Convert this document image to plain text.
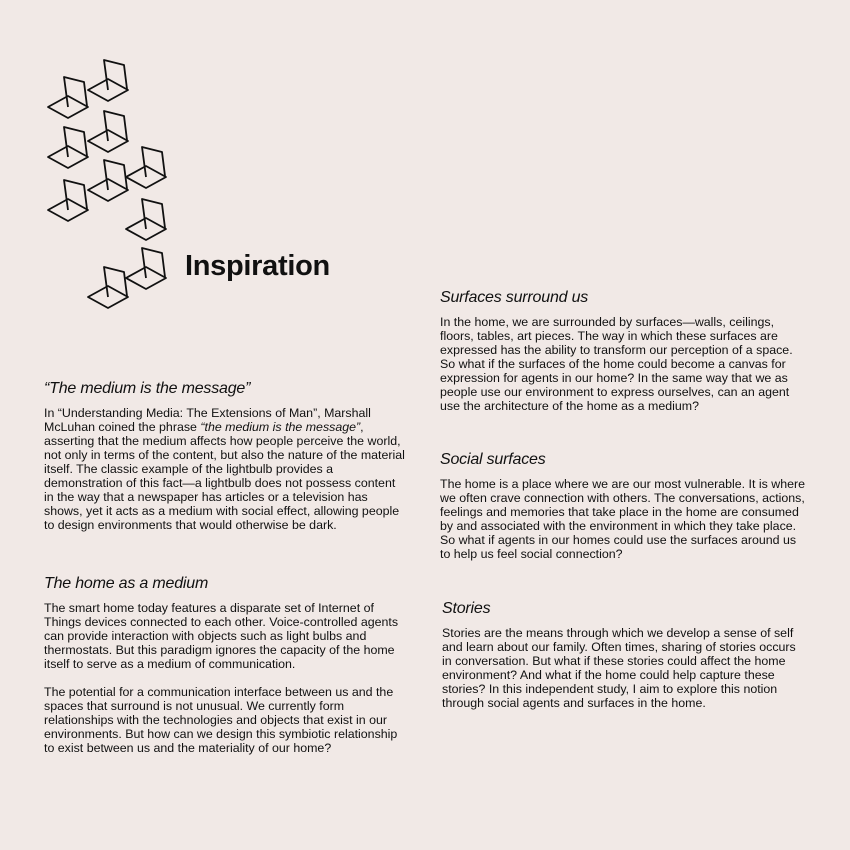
Inspiration
“The medium is the message”

In “Understanding Media: The Extensions of Man”, Marshall McLuhan coined the phrase “the medium is the message”, asserting that the medium affects how people perceive the world, not only in terms of the content, but also the nature of the material itself. The classic example of the lightbulb provides a demonstration of this fact—a lightbulb does not possess content in the way that a newspaper has articles or a television has shows, yet it acts as a medium with social effect, allowing people to design environments that would otherwise be dark.

The home as a medium

The smart home today features a disparate set of Internet of Things devices connected to each other. Voice-controlled agents can provide interaction with objects such as light bulbs and thermostats. But this paradigm ignores the capacity of the home itself to serve as a medium of communication.

The potential for a communication interface between us and the spaces that surround is not unusual. We currently form relationships with the technologies and objects that exist in our environments. But how can we design this symbiotic relationship to exist between us and the materiality of our home?

Surfaces surround us

In the home, we are surrounded by surfaces—walls, ceilings, floors, tables, art pieces. The way in which these surfaces are expressed has the ability to transform our perception of a space. So what if the surfaces of the home could become a canvas for expression for agents in our home? In the same way that we as people use our environment to express ourselves, can an agent use the architecture of the home as a medium?

Social surfaces

The home is a place where we are our most vulnerable. It is where we often crave connection with others. The conversations, actions, feelings and memories that take place in the home are consumed by and associated with the environment in which they take place. So what if agents in our homes could use the surfaces around us to help us feel social connection?

Stories

Stories are the means through which we develop a sense of self and learn about our family. Often times, sharing of stories occurs in conversation. But what if these stories could affect the home environment? And what if the home could help capture these stories? In this independent study, I aim to explore this notion through social agents and surfaces in the home.
